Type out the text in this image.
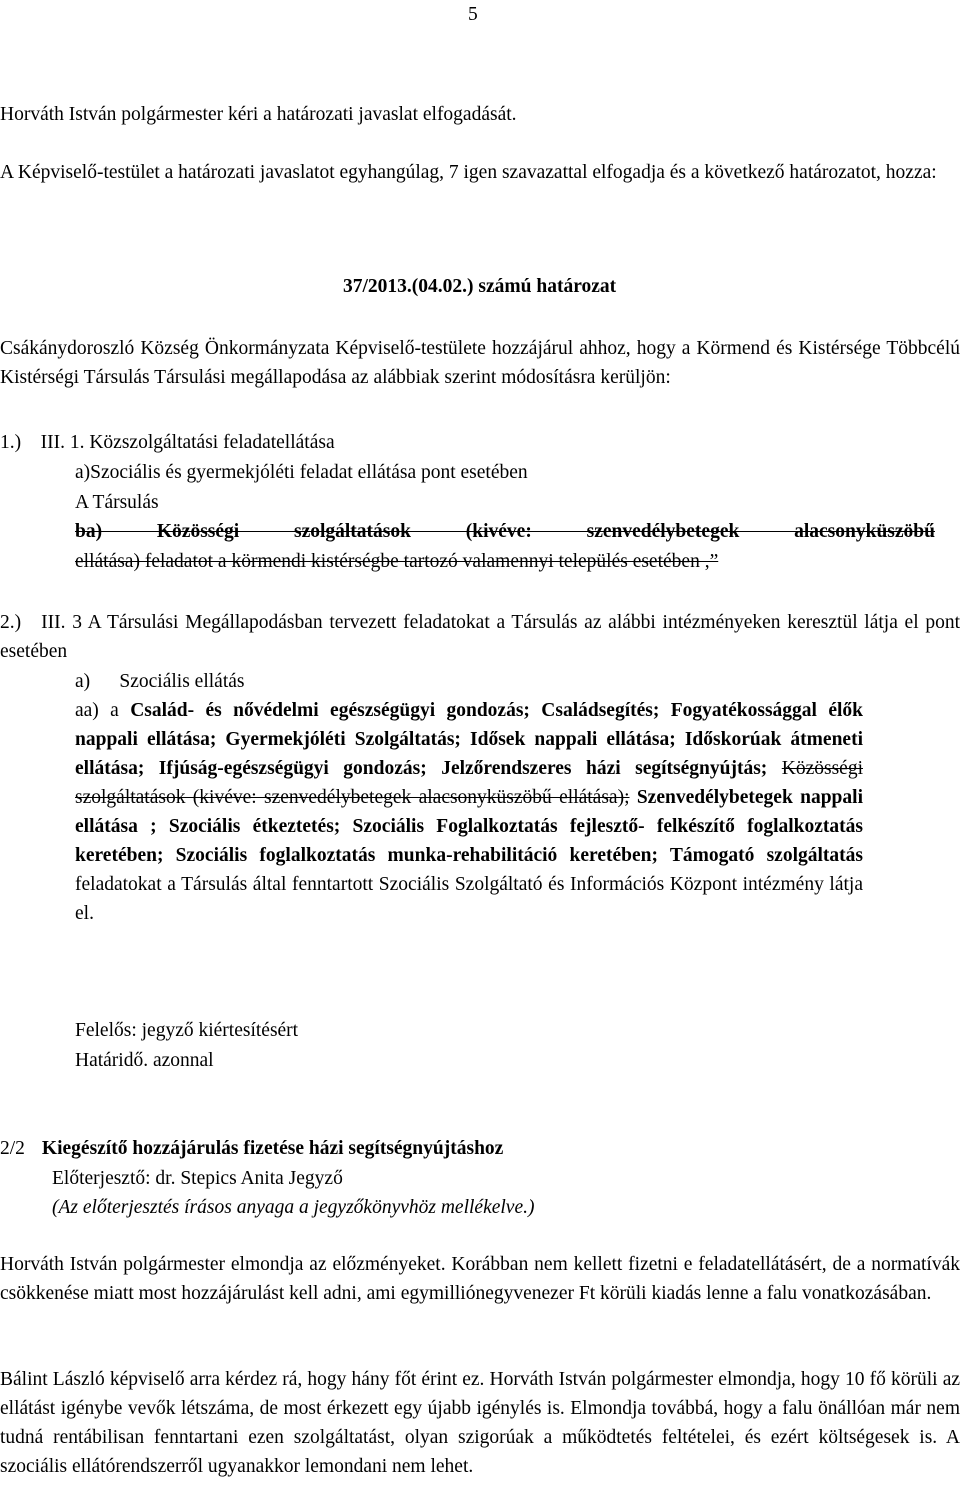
5
Horváth István polgármester kéri a határozati javaslat elfogadását.
A Képviselő-testület a határozati javaslatot egyhangúlag, 7 igen szavazattal elfogadja és a következő határozatot, hozza:
37/2013.(04.02.) számú határozat
Csákánydoroszló Község Önkormányzata Képviselő-testülete hozzájárul ahhoz, hogy a Körmend és Kistérsége Többcélú Kistérségi Társulás Társulási megállapodása az alábbiak szerint módosításra kerüljön:
1.)    III. 1. Közszolgáltatási feladatellátása
a)Szociális és gyermekjóléti feladat ellátása pont esetében
A Társulás
ba) Közösségi szolgáltatások (kivéve: szenvedélybetegek alacsonyküszöbű
ellátása) feladatot a körmendi kistérségbe tartozó valamennyi település esetében ,”
2.)   III. 3 A Társulási Megállapodásban tervezett feladatokat a Társulás az alábbi intézményeken keresztül látja el pont esetében
a)      Szociális ellátás
aa) a Család- és nővédelmi egészségügyi gondozás; Családsegítés; Fogyatékossággal élők nappali ellátása; Gyermekjóléti Szolgáltatás; Idősek nappali ellátása; Időskorúak átmeneti ellátása; Ifjúság-egészségügyi gondozás; Jelzőrendszeres házi segítségnyújtás; Közösségi szolgáltatások (kivéve: szenvedélybetegek alacsonyküszöbű ellátása); Szenvedélybetegek nappali ellátása ; Szociális étkeztetés; Szociális Foglalkoztatás fejlesztő- felkészítő foglalkoztatás keretében; Szociális foglalkoztatás munka-rehabilitáció keretében; Támogató szolgáltatás feladatokat a Társulás által fenntartott Szociális Szolgáltató és Információs Központ intézmény látja el.
Felelős: jegyző kiértesítésért
Határidő. azonnal
2/2 Kiegészítő hozzájárulás fizetése házi segítségnyújtáshoz
Előterjesztő: dr. Stepics Anita Jegyző
(Az előterjesztés írásos anyaga a jegyzőkönyvhöz mellékelve.)
Horváth István polgármester elmondja az előzményeket. Korábban nem kellett fizetni e feladatellátásért, de a normatívák csökkenése miatt most hozzájárulást kell adni, ami egymilliónegyvenezer Ft körüli kiadás lenne a falu vonatkozásában.
Bálint László képviselő arra kérdez rá, hogy hány főt érint ez. Horváth István polgármester elmondja, hogy 10 fő körüli az ellátást igénybe vevők létszáma, de most érkezett egy újabb igénylés is. Elmondja továbbá, hogy a falu önállóan már nem tudná rentábilisan fenntartani ezen szolgáltatást, olyan szigorúak a működtetés feltételei, és ezért költségesek is. A szociális ellátórendszerről ugyanakkor lemondani nem lehet.
